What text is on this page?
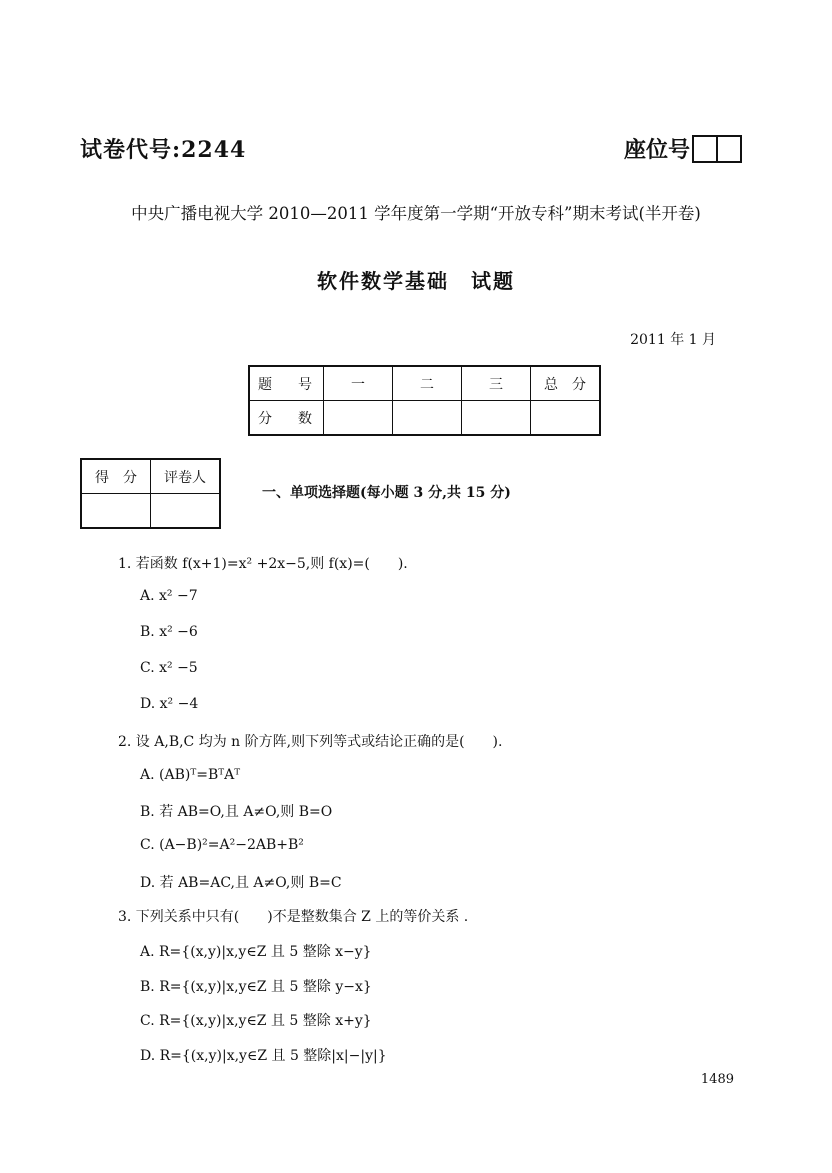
试卷代号:2244	座位号
中央广播电视大学 2010—2011 学年度第一学期“开放专科”期末考试(半开卷)
软件数学基础　试题
2011 年 1 月
题　号	一	二	三	总　分
分　数				
得　分	评卷人

一、单项选择题(每小题 3 分,共 15 分)
1. 若函数 f(x+1)=x² +2x−5,则 f(x)=(　　).
A. x² −7
B. x² −6
C. x² −5
D. x² −4
2. 设 A,B,C 均为 n 阶方阵,则下列等式或结论正确的是(　　).
A. (AB)ᵀ=BᵀAᵀ
B. 若 AB=O,且 A≠O,则 B=O
C. (A−B)²=A²−2AB+B²
D. 若 AB=AC,且 A≠O,则 B=C
3. 下列关系中只有(　　)不是整数集合 Z 上的等价关系 .
A. R={(x,y)|x,y∈Z 且 5 整除 x−y}
B. R={(x,y)|x,y∈Z 且 5 整除 y−x}
C. R={(x,y)|x,y∈Z 且 5 整除 x+y}
D. R={(x,y)|x,y∈Z 且 5 整除|x|−|y|}
1489
